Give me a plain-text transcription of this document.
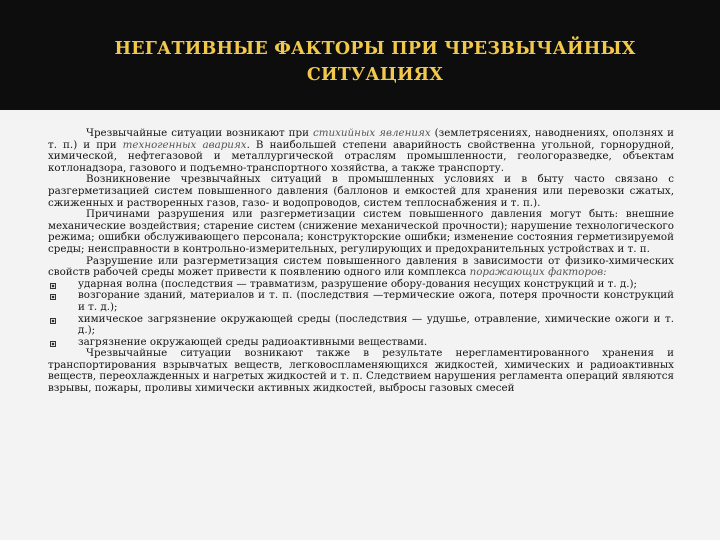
НЕГАТИВНЫЕ ФАКТОРЫ ПРИ ЧРЕЗВЫЧАЙНЫХ
СИТУАЦИЯХ

Чрезвычайные ситуации возникают при стихийных явлениях (землетрясениях, наводнениях, оползнях и т. п.) и при техногенных авариях. В наибольшей степени аварийность свойственна угольной, горнорудной, химической, нефтегазовой и металлургической отраслям промышленности, геологоразведке, объектам котлонадзора, газового и подъемно-транспортного хозяйства, а также транспорту.

Возникновение чрезвычайных ситуаций в промышленных условиях и в быту часто связано с разгерметизацией систем повышенного давления (баллонов и емкостей для хранения или перевозки сжатых, сжиженных и растворенных газов, газо- и водопроводов, систем теплоснабжения и т. п.).

Причинами разрушения или разгерметизации систем повышенного давления могут быть: внешние механические воздействия; старение систем (снижение механической прочности); нарушение технологического режима; ошибки обслуживающего персонала; конструкторские ошибки; изменение состояния герметизируемой среды; неисправности в контрольно-измерительных, регулирующих и предохранительных устройствах и т. п.

Разрушение или разгерметизация систем повышенного давления в зависимости от физико-химических свойств рабочей среды может привести к появлению одного или комплекса поражающих факторов:

ударная волна (последствия — травматизм, разрушение обору-дования несущих конструкций и т. д.);
возгорание зданий, материалов и т. п. (последствия —термические ожога, потеря прочности конструкций и т. д.);
химическое загрязнение окружающей среды (последствия — удушье, отравление, химические ожоги и т. д.);
загрязнение окружающей среды радиоактивными веществами.

Чрезвычайные ситуации возникают также в результате нерегламентированного хранения и транспортирования взрывчатых веществ, легковоспламеняющихся жидкостей, химических и радиоактивных веществ, переохлажденных и нагретых жидкостей и т. п. Следствием нарушения регламента операций являются взрывы, пожары, проливы химически активных жидкостей, выбросы газовых смесей
